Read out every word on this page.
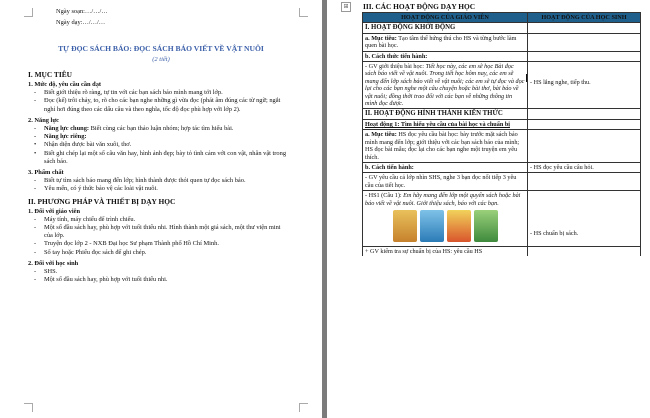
Ngày soạn:…/…/…
Ngày dạy:…/…/…
TỰ ĐỌC SÁCH BÁO: ĐỌC SÁCH BÁO VIẾT VỀ VẬT NUÔI
(2 tiết)
I. MỤC TIÊU
1. Mức độ, yêu cầu cần đạt
- Biết giới thiệu rõ ràng, tự tin với các bạn sách báo mình mang tới lớp.
- Đọc (kể) trôi chảy, to, rõ cho các bạn nghe những gì vừa đọc (phát âm đúng các từ ngữ; ngắt nghỉ hơi đúng theo các dấu câu và theo nghĩa, tốc độ đọc phù hợp với lớp 2).
2. Năng lực
- Năng lực chung: Biết cùng các bạn thảo luận nhóm; hợp tác tìm hiểu bài.
- Năng lực riêng:
• Nhận diện được bài văn xuôi, thơ.
• Biết ghi chép lại một số câu văn hay, hình ảnh đẹp; bày tỏ tình cảm với con vật, nhân vật trong sách báo.
3. Phẩm chất
- Biết tự tìm sách báo mang đến lớp; hình thành được thói quen tự đọc sách báo.
- Yêu mến, có ý thức bảo vệ các loài vật nuôi.
II. PHƯƠNG PHÁP VÀ THIẾT BỊ DẠY HỌC
1. Đối với giáo viên
- Máy tính, máy chiếu để trình chiếu.
- Một số đầu sách hay, phù hợp với tuổi thiếu nhi. Hình thành một giá sách, một thư viện mini của lớp.
- Truyện đọc lớp 2 - NXB Đại học Sư phạm Thành phố Hồ Chí Minh.
- Sổ tay hoặc Phiếu đọc sách để ghi chép.
2. Đối với học sinh
- SHS.
- Một số đầu sách hay, phù hợp với tuổi thiếu nhi.
⊞	III. CÁC HOẠT ĐỘNG DẠY HỌC
HOẠT ĐỘNG CỦA GIÁO VIÊN	HOẠT ĐỘNG CỦA HỌC SINH

I. HOẠT ĐỘNG KHỞI ĐỘNG	

a. Mục tiêu: Tạo tâm thế hứng thú cho HS và từng bước làm quen bài học.	
b. Cách thức tiến hành:	
- GV giới thiệu bài học: Tiết học này, các em sẽ học Bài đọc sách báo viết về vật nuôi. Trong tiết học hôm nay, các em sẽ mang đến lớp sách báo viết về vật nuôi; các em sẽ tự đọc và đọc lại cho các bạn nghe một câu chuyện hoặc bài thơ, bài báo về vật nuôi; đồng thời trao đổi với các bạn về những thông tin mình đọc được.	- HS lắng nghe, tiếp thu.

II. HOẠT ĐỘNG HÌNH THÀNH KIẾN THỨC	

Hoạt động 1: Tìm hiểu yêu cầu của bài học và chuẩn bị	

a. Mục tiêu: HS đọc yêu cầu bài học: bày trước mặt sách báo mình mang đến lớp; giới thiệu với các bạn sách báo của mình; HS đọc bài mẫu; đọc lại cho các bạn nghe một truyện em yêu thích.	
b. Cách tiến hành:	- HS đọc yêu cầu câu hỏi.
- GV yêu cầu cả lớp nhìn SHS, nghe 3 bạn đọc nối tiếp 3 yêu cầu của tiết học.	
- HS1 (Câu 1): Em hãy mang đến lớp một quyển sách hoặc bài báo viết về vật nuôi. Giới thiệu sách, báo với các bạn.	- HS chuẩn bị sách.

+ GV kiểm tra sự chuẩn bị của HS: yêu cầu HS	
